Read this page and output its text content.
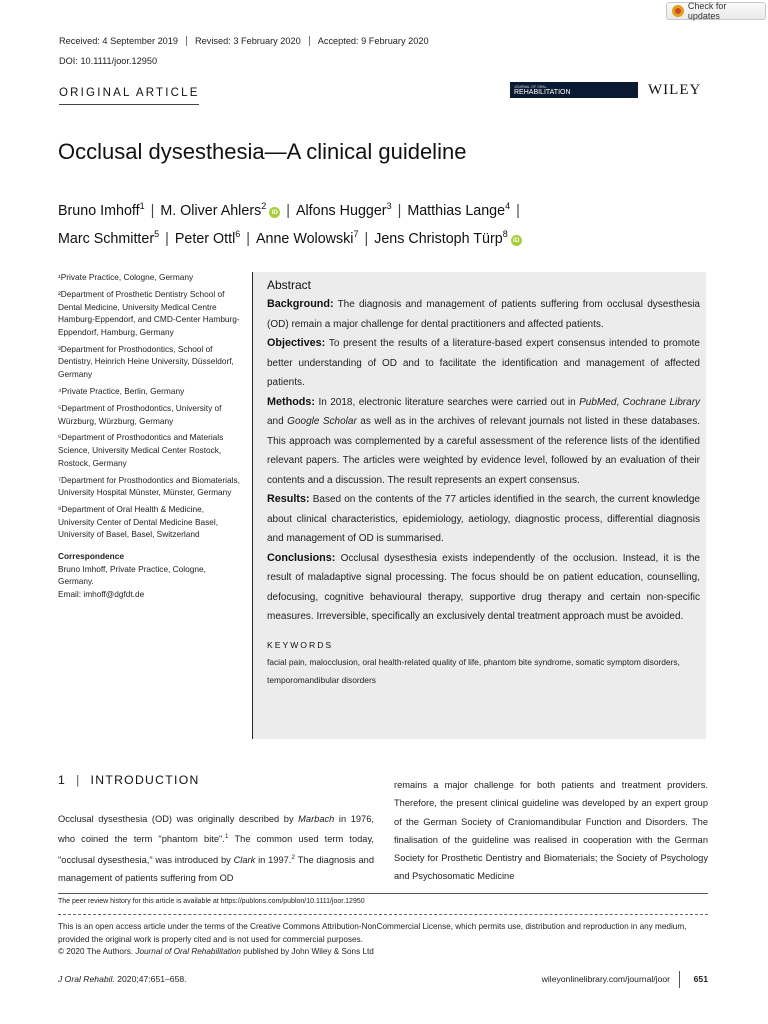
Check for updates
Received: 4 September 2019	Revised: 3 February 2020	Accepted: 9 February 2020
DOI: 10.1111/joor.12950
ORIGINAL ARTICLE
JOURNAL OF ORAL
REHABILITATION	WILEY
Occlusal dysesthesia—A clinical guideline
Bruno Imhoff$^1$ | M. Oliver Ahlers$^2$iD | Alfons Hugger$^3$ | Matthias Lange$^4$ |
Marc Schmitter$^5$ | Peter Ottl$^6$ | Anne Wolowski$^7$ | Jens Christoph Türp$^8$iD
¹Private Practice, Cologne, Germany
²Department of Prosthetic Dentistry School of Dental Medicine, University Medical Centre Hamburg-Eppendorf, and CMD-Center Hamburg-Eppendorf, Hamburg, Germany
³Department for Prosthodontics, School of Dentistry, Heinrich Heine University, Düsseldorf, Germany
⁴Private Practice, Berlin, Germany
⁵Department of Prosthodontics, University of Würzburg, Würzburg, Germany
⁶Department of Prosthodontics and Materials Science, University Medical Center Rostock, Rostock, Germany
⁷Department for Prosthodontics and Biomaterials, University Hospital Münster, Münster, Germany
⁸Department of Oral Health & Medicine, University Center of Dental Medicine Basel, University of Basel, Basel, Switzerland
Correspondence
Bruno Imhoff, Private Practice, Cologne, Germany.
Email: imhoff@dgfdt.de
Abstract

Background: The diagnosis and management of patients suffering from occlusal dysesthesia (OD) remain a major challenge for dental practitioners and affected patients.

Objectives: To present the results of a literature-based expert consensus intended to promote better understanding of OD and to facilitate the identification and management of affected patients.

Methods: In 2018, electronic literature searches were carried out in PubMed, Cochrane Library and Google Scholar as well as in the archives of relevant journals not listed in these databases. This approach was complemented by a careful assessment of the reference lists of the identified relevant papers. The articles were weighted by evidence level, followed by an evaluation of their contents and a discussion. The result represents an expert consensus.

Results: Based on the contents of the 77 articles identified in the search, the current knowledge about clinical characteristics, epidemiology, aetiology, diagnostic process, differential diagnosis and management of OD is summarised.

Conclusions: Occlusal dysesthesia exists independently of the occlusion. Instead, it is the result of maladaptive signal processing. The focus should be on patient education, counselling, defocusing, cognitive behavioural therapy, supportive drug therapy and certain non-specific measures. Irreversible, specifically an exclusively dental treatment approach must be avoided.

KEYWORDS
facial pain, malocclusion, oral health-related quality of life, phantom bite syndrome, somatic symptom disorders, temporomandibular disorders
1 | INTRODUCTION

Occlusal dysesthesia (OD) was originally described by Marbach in 1976, who coined the term "phantom bite".$^1$ The common used term today, "occlusal dysesthesia," was introduced by Clark in 1997.$^2$ The diagnosis and management of patients suffering from OD

remains a major challenge for both patients and treatment providers. Therefore, the present clinical guideline was developed by an expert group of the German Society of Craniomandibular Function and Disorders. The finalisation of the guideline was realised in cooperation with the German Society for Prosthetic Dentistry and Biomaterials; the Society of Psychology and Psychosomatic Medicine
The peer review history for this article is available at https://publons.com/publon/10.1111/joor.12950
This is an open access article under the terms of the Creative Commons Attribution-NonCommercial License, which permits use, distribution and reproduction in any medium, provided the original work is properly cited and is not used for commercial purposes.
© 2020 The Authors. Journal of Oral Rehabilitation published by John Wiley & Sons Ltd
J Oral Rehabil. 2020;47:651–658.	wileyonlinelibrary.com/journal/joor	651
